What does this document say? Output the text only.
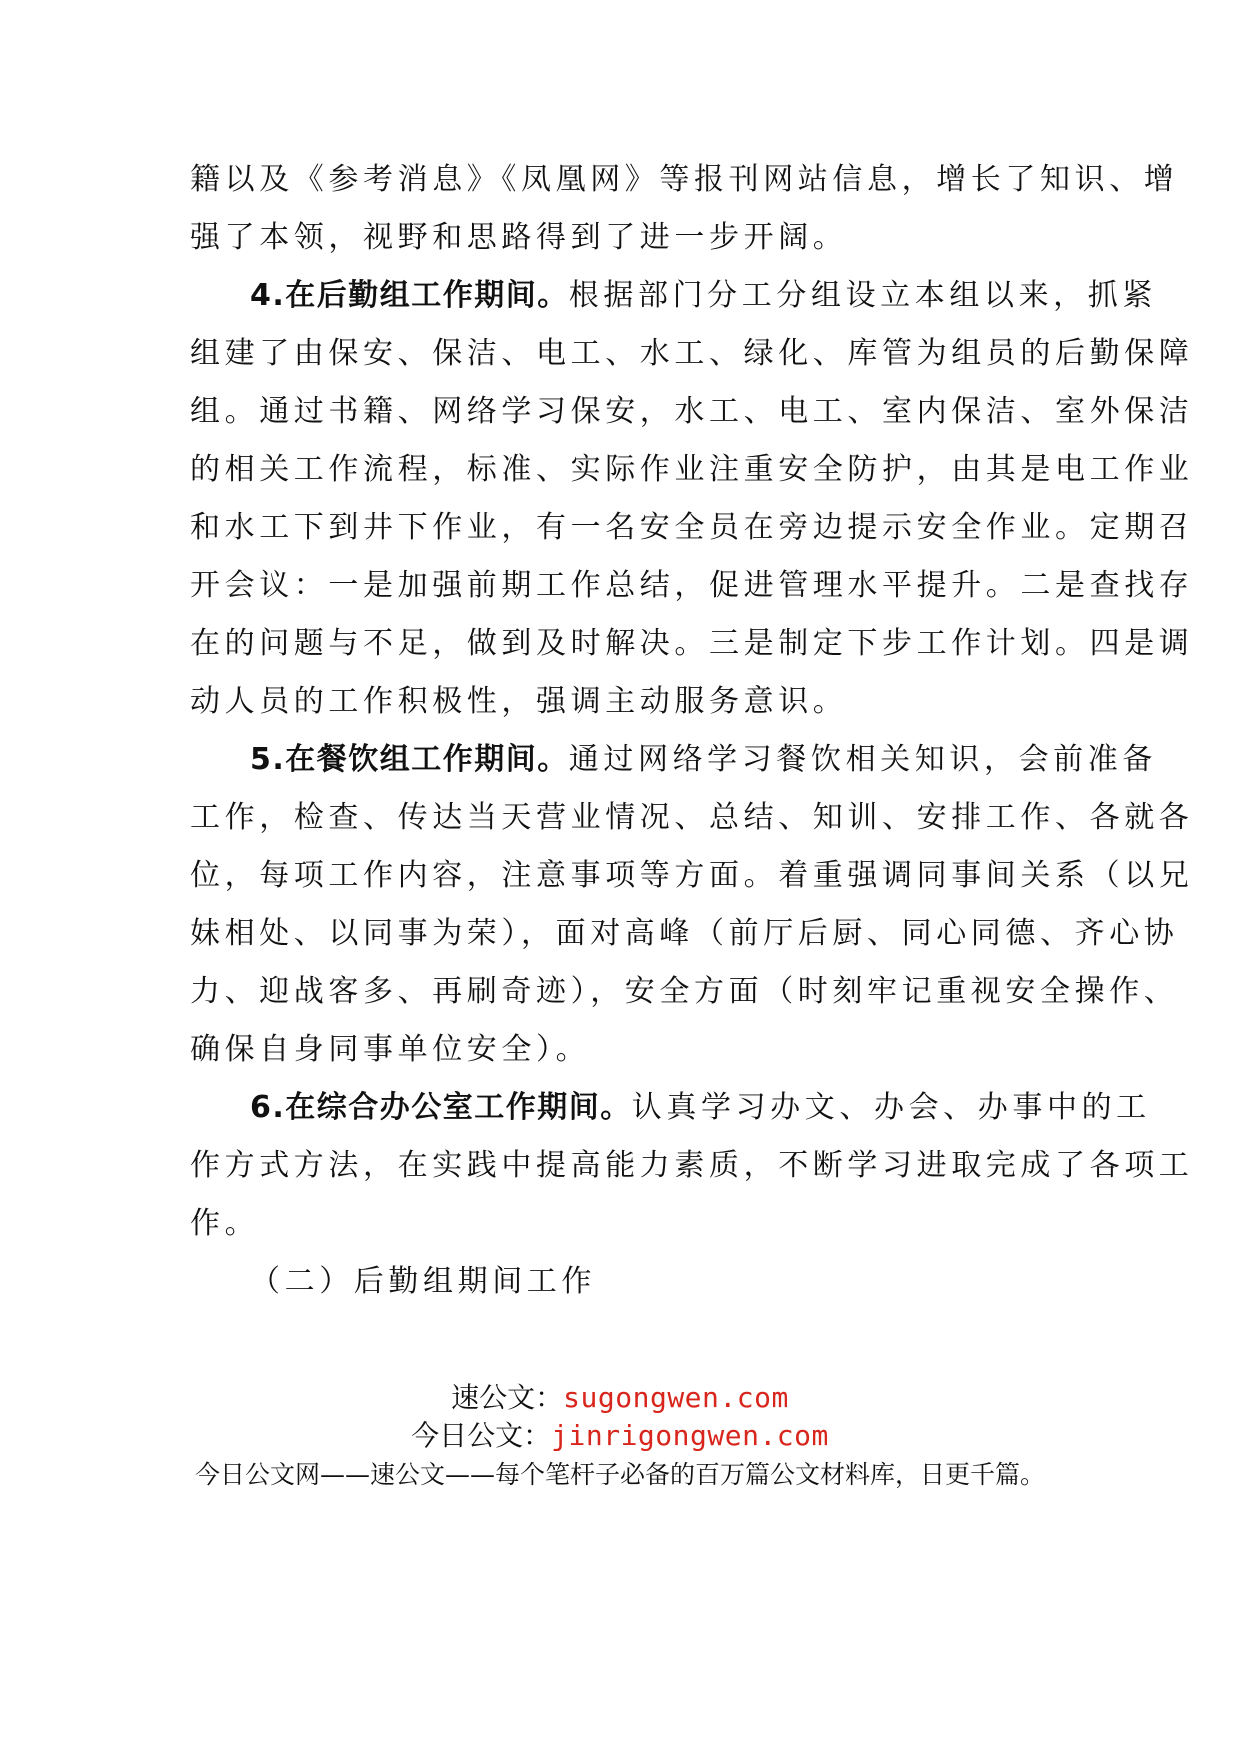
籍以及《参考消息》《凤凰网》等报刊网站信息，增长了知识、增
强了本领，视野和思路得到了进一步开阔。
4.在后勤组工作期间。根据部门分工分组设立本组以来，抓紧
组建了由保安、保洁、电工、水工、绿化、库管为组员的后勤保障
组。通过书籍、网络学习保安，水工、电工、室内保洁、室外保洁
的相关工作流程，标准、实际作业注重安全防护，由其是电工作业
和水工下到井下作业，有一名安全员在旁边提示安全作业。定期召
开会议：一是加强前期工作总结，促进管理水平提升。二是查找存
在的问题与不足，做到及时解决。三是制定下步工作计划。四是调
动人员的工作积极性，强调主动服务意识。
5.在餐饮组工作期间。通过网络学习餐饮相关知识，会前准备
工作，检查、传达当天营业情况、总结、知训、安排工作、各就各
位，每项工作内容，注意事项等方面。着重强调同事间关系（以兄
妹相处、以同事为荣），面对高峰（前厅后厨、同心同德、齐心协
力、迎战客多、再刷奇迹），安全方面（时刻牢记重视安全操作、
确保自身同事单位安全）。
6.在综合办公室工作期间。认真学习办文、办会、办事中的工
作方式方法，在实践中提高能力素质，不断学习进取完成了各项工
作。
（二）后勤组期间工作
速公文：sugongwen.com
今日公文：jinrigongwen.com
今日公文网——速公文——每个笔杆子必备的百万篇公文材料库，日更千篇。
